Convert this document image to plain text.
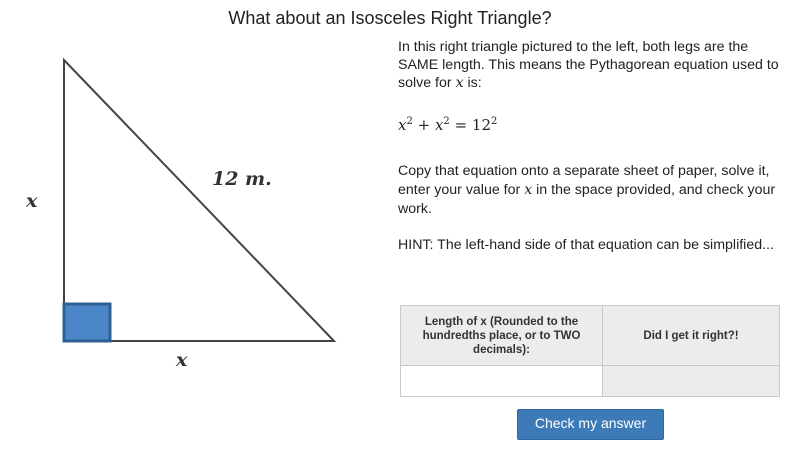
What about an Isosceles Right Triangle?
12 m.
x
x

In this right triangle pictured to the left, both legs are the SAME length. This means the Pythagorean equation used to solve for x is:

$x^2 + x^2 = 12^2$
Copy that equation onto a separate sheet of paper, solve it, enter your value for x in the space provided, and check your work.
HINT: The left-hand side of that equation can be simplified...
Length of x (Rounded to the hundredths place, or to TWO decimals):	Did I get it right?!

Check my answer
